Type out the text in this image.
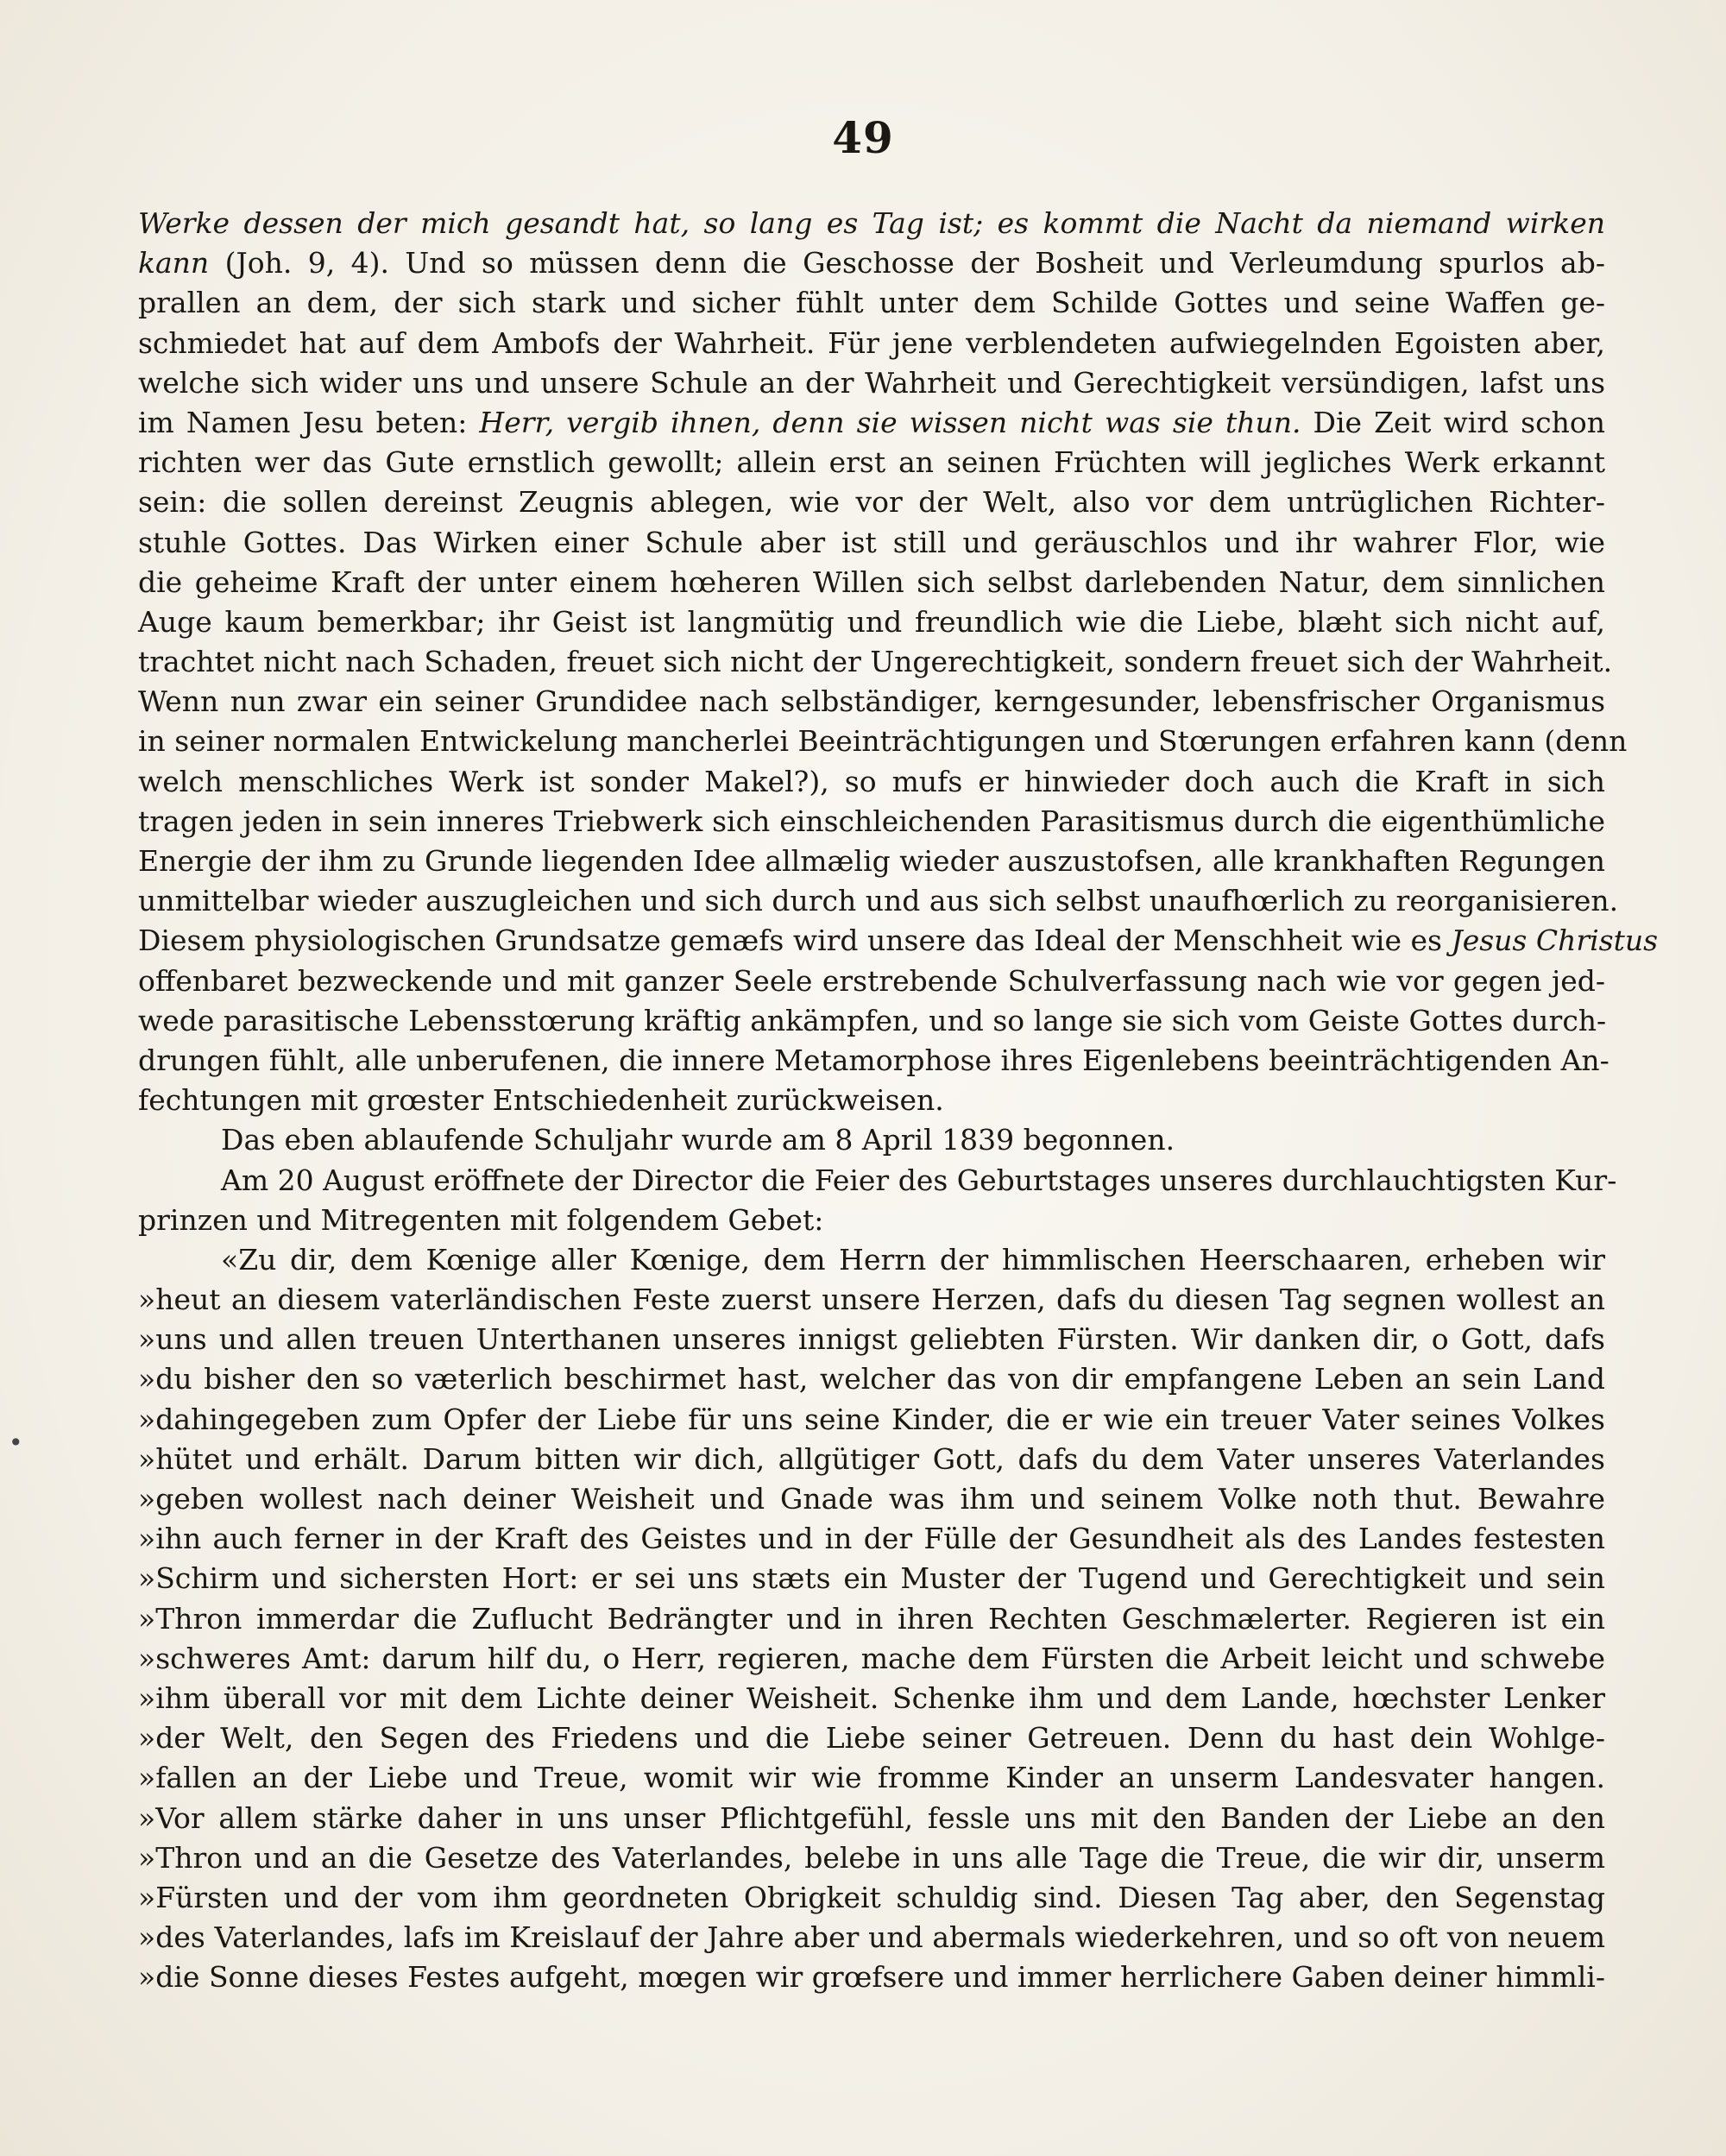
49
•
Werke dessen der mich gesandt hat, so lang es Tag ist; es kommt die Nacht da niemand wirken
kann (Joh. 9, 4). Und so müssen denn die Geschosse der Bosheit und Verleumdung spurlos ab-
prallen an dem, der sich stark und sicher fühlt unter dem Schilde Gottes und seine Waffen ge-
schmiedet hat auf dem Ambofs der Wahrheit. Für jene verblendeten aufwiegelnden Egoisten aber,
welche sich wider uns und unsere Schule an der Wahrheit und Gerechtigkeit versündigen, lafst uns
im Namen Jesu beten: Herr, vergib ihnen, denn sie wissen nicht was sie thun. Die Zeit wird schon
richten wer das Gute ernstlich gewollt; allein erst an seinen Früchten will jegliches Werk erkannt
sein: die sollen dereinst Zeugnis ablegen, wie vor der Welt, also vor dem untrüglichen Richter-
stuhle Gottes. Das Wirken einer Schule aber ist still und geräuschlos und ihr wahrer Flor, wie
die geheime Kraft der unter einem hœheren Willen sich selbst darlebenden Natur, dem sinnlichen
Auge kaum bemerkbar; ihr Geist ist langmütig und freundlich wie die Liebe, blæht sich nicht auf,
trachtet nicht nach Schaden, freuet sich nicht der Ungerechtigkeit, sondern freuet sich der Wahrheit.
Wenn nun zwar ein seiner Grundidee nach selbständiger, kerngesunder, lebensfrischer Organismus
in seiner normalen Entwickelung mancherlei Beeinträchtigungen und Stœrungen erfahren kann (denn
welch menschliches Werk ist sonder Makel?), so mufs er hinwieder doch auch die Kraft in sich
tragen jeden in sein inneres Triebwerk sich einschleichenden Parasitismus durch die eigenthümliche
Energie der ihm zu Grunde liegenden Idee allmælig wieder auszustofsen, alle krankhaften Regungen
unmittelbar wieder auszugleichen und sich durch und aus sich selbst unaufhœrlich zu reorganisieren.
Diesem physiologischen Grundsatze gemæfs wird unsere das Ideal der Menschheit wie es Jesus Christus
offenbaret bezweckende und mit ganzer Seele erstrebende Schulverfassung nach wie vor gegen jed-
wede parasitische Lebensstœrung kräftig ankämpfen, und so lange sie sich vom Geiste Gottes durch-
drungen fühlt, alle unberufenen, die innere Metamorphose ihres Eigenlebens beeinträchtigenden An-
fechtungen mit grœster Entschiedenheit zurückweisen.
Das eben ablaufende Schuljahr wurde am 8 April 1839 begonnen.
Am 20 August eröffnete der Director die Feier des Geburtstages unseres durchlauchtigsten Kur-
prinzen und Mitregenten mit folgendem Gebet:
«Zu dir, dem Kœnige aller Kœnige, dem Herrn der himmlischen Heerschaaren, erheben wir
»heut an diesem vaterländischen Feste zuerst unsere Herzen, dafs du diesen Tag segnen wollest an
»uns und allen treuen Unterthanen unseres innigst geliebten Fürsten. Wir danken dir, o Gott, dafs
»du bisher den so væterlich beschirmet hast, welcher das von dir empfangene Leben an sein Land
»dahingegeben zum Opfer der Liebe für uns seine Kinder, die er wie ein treuer Vater seines Volkes
»hütet und erhält. Darum bitten wir dich, allgütiger Gott, dafs du dem Vater unseres Vaterlandes
»geben wollest nach deiner Weisheit und Gnade was ihm und seinem Volke noth thut. Bewahre
»ihn auch ferner in der Kraft des Geistes und in der Fülle der Gesundheit als des Landes festesten
»Schirm und sichersten Hort: er sei uns stæts ein Muster der Tugend und Gerechtigkeit und sein
»Thron immerdar die Zuflucht Bedrängter und in ihren Rechten Geschmælerter. Regieren ist ein
»schweres Amt: darum hilf du, o Herr, regieren, mache dem Fürsten die Arbeit leicht und schwebe
»ihm überall vor mit dem Lichte deiner Weisheit. Schenke ihm und dem Lande, hœchster Lenker
»der Welt, den Segen des Friedens und die Liebe seiner Getreuen. Denn du hast dein Wohlge-
»fallen an der Liebe und Treue, womit wir wie fromme Kinder an unserm Landesvater hangen.
»Vor allem stärke daher in uns unser Pflichtgefühl, fessle uns mit den Banden der Liebe an den
»Thron und an die Gesetze des Vaterlandes, belebe in uns alle Tage die Treue, die wir dir, unserm
»Fürsten und der vom ihm geordneten Obrigkeit schuldig sind. Diesen Tag aber, den Segenstag
»des Vaterlandes, lafs im Kreislauf der Jahre aber und abermals wiederkehren, und so oft von neuem
»die Sonne dieses Festes aufgeht, mœgen wir grœfsere und immer herrlichere Gaben deiner himmli-
